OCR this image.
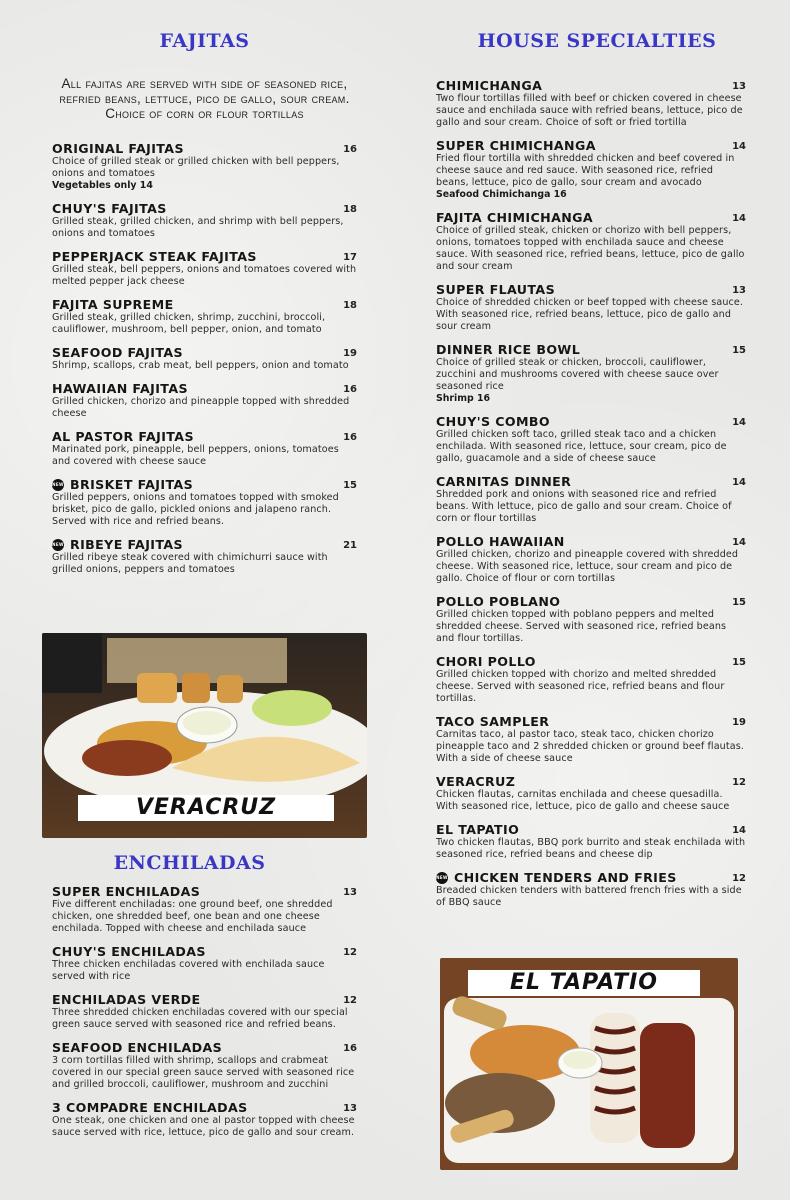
FAJITAS
All fajitas are served with side of seasoned rice, refried beans, lettuce, pico de gallo, sour cream. Choice of corn or flour tortillas
ORIGINAL FAJITAS	16
Choice of grilled steak or grilled chicken with bell peppers, onions and tomatoes
Vegetables only 14
CHUY'S FAJITAS	18
Grilled steak, grilled chicken, and shrimp with bell peppers, onions and tomatoes
PEPPERJACK STEAK FAJITAS	17
Grilled steak, bell peppers, onions and tomatoes covered with melted pepper jack cheese
FAJITA SUPREME	18
Grilled steak, grilled chicken, shrimp, zucchini, broccoli, cauliflower, mushroom, bell pepper, onion, and tomato
SEAFOOD FAJITAS	19
Shrimp, scallops, crab meat, bell peppers, onion and tomato
HAWAIIAN FAJITAS	16
Grilled chicken, chorizo and pineapple topped with shredded cheese
AL PASTOR FAJITAS	16
Marinated pork, pineapple, bell peppers, onions, tomatoes and covered with cheese sauce
NEW BRISKET FAJITAS	15
Grilled peppers, onions and tomatoes topped with smoked brisket, pico de gallo, pickled onions and jalapeno ranch. Served with rice and refried beans.
NEW RIBEYE FAJITAS	21
Grilled ribeye steak covered with chimichurri sauce with grilled onions, peppers and tomatoes
VERACRUZ
ENCHILADAS
SUPER ENCHILADAS	13
Five different enchiladas: one ground beef, one shredded chicken, one shredded beef, one bean and one cheese enchilada. Topped with cheese and enchilada sauce
CHUY'S ENCHILADAS	12
Three chicken enchiladas covered with enchilada sauce served with rice
ENCHILADAS VERDE	12
Three shredded chicken enchiladas covered with our special green sauce served with seasoned rice and refried beans.
SEAFOOD ENCHILADAS	16
3 corn tortillas filled with shrimp, scallops and crabmeat covered in our special green sauce served with seasoned rice and grilled broccoli, cauliflower, mushroom and zucchini
3 COMPADRE ENCHILADAS	13
One steak, one chicken and one al pastor topped with cheese sauce served with rice, lettuce, pico de gallo and sour cream.
HOUSE SPECIALTIES
CHIMICHANGA	13
Two flour tortillas filled with beef or chicken covered in cheese sauce and enchilada sauce with refried beans, lettuce, pico de gallo and sour cream. Choice of soft or fried tortilla
SUPER CHIMICHANGA	14
Fried flour tortilla with shredded chicken and beef covered in cheese sauce and red sauce. With seasoned rice, refried beans, lettuce, pico de gallo, sour cream and avocado
Seafood Chimichanga 16
FAJITA CHIMICHANGA	14
Choice of grilled steak, chicken or chorizo with bell peppers, onions, tomatoes topped with enchilada sauce and cheese sauce. With seasoned rice, refried beans, lettuce, pico de gallo and sour cream
SUPER FLAUTAS	13
Choice of shredded chicken or beef topped with cheese sauce. With seasoned rice, refried beans, lettuce, pico de gallo and sour cream
DINNER RICE BOWL	15
Choice of grilled steak or chicken, broccoli, cauliflower, zucchini and mushrooms covered with cheese sauce over seasoned rice
Shrimp 16
CHUY'S COMBO	14
Grilled chicken soft taco, grilled steak taco and a chicken enchilada. With seasoned rice, lettuce, sour cream, pico de gallo, guacamole and a side of cheese sauce
CARNITAS DINNER	14
Shredded pork and onions with seasoned rice and refried beans. With lettuce, pico de gallo and sour cream. Choice of corn or flour tortillas
POLLO HAWAIIAN	14
Grilled chicken, chorizo and pineapple covered with shredded cheese. With seasoned rice, lettuce, sour cream and pico de gallo. Choice of flour or corn tortillas
POLLO POBLANO	15
Grilled chicken topped with poblano peppers and melted shredded cheese. Served with seasoned rice, refried beans and flour tortillas.
CHORI POLLO	15
Grilled chicken topped with chorizo and melted shredded cheese. Served with seasoned rice, refried beans and flour tortillas.
TACO SAMPLER	19
Carnitas taco, al pastor taco, steak taco, chicken chorizo pineapple taco and 2 shredded chicken or ground beef flautas. With a side of cheese sauce
VERACRUZ	12
Chicken flautas, carnitas enchilada and cheese quesadilla. With seasoned rice, lettuce, pico de gallo and cheese sauce
EL TAPATIO	14
Two chicken flautas, BBQ pork burrito and steak enchilada with seasoned rice, refried beans and cheese dip
NEW CHICKEN TENDERS AND FRIES	12
Breaded chicken tenders with battered french fries with a side of BBQ sauce
EL TAPATIO
